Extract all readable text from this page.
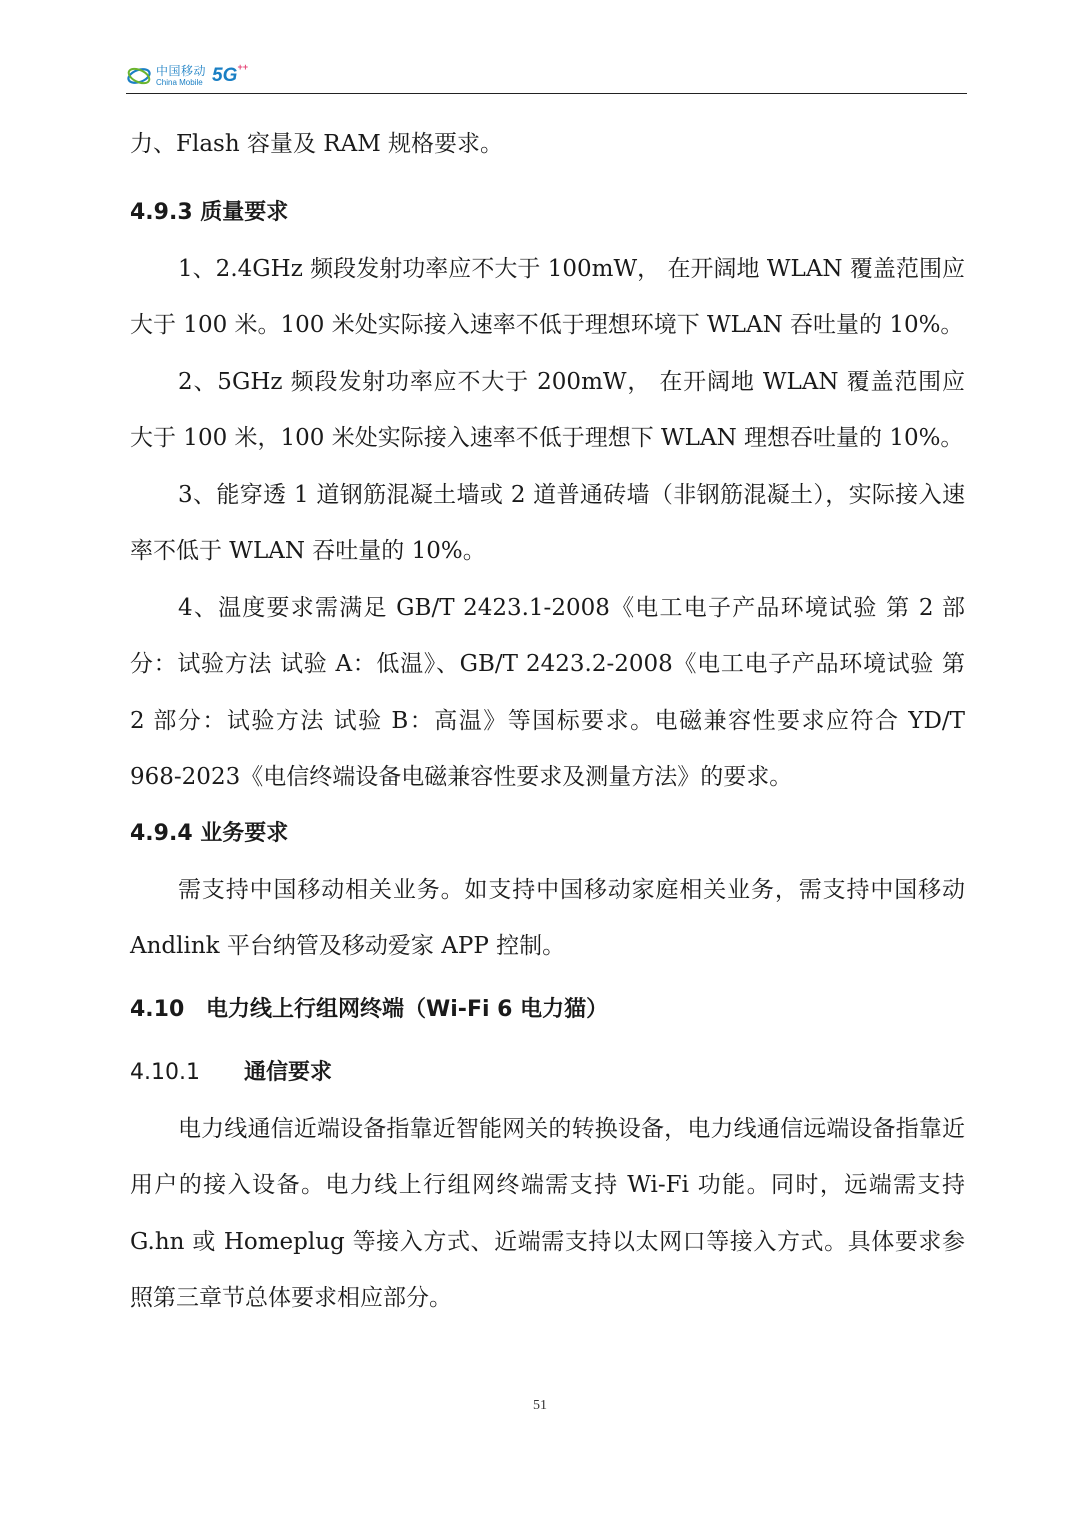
中国移动
China Mobile 5G++

力、Flash 容量及 RAM 规格要求。

4.9.3 质量要求

1、2.4GHz 频段发射功率应不大于 100mW， 在开阔地 WLAN 覆盖范围应大于 100 米。100 米处实际接入速率不低于理想环境下 WLAN 吞吐量的 10%。

2、5GHz 频段发射功率应不大于 200mW， 在开阔地 WLAN 覆盖范围应大于 100 米，100 米处实际接入速率不低于理想下 WLAN 理想吞吐量的 10%。

3、能穿透 1 道钢筋混凝土墙或 2 道普通砖墙（非钢筋混凝土），实际接入速率不低于 WLAN 吞吐量的 10%。

4、温度要求需满足 GB/T 2423.1-2008《电工电子产品环境试验 第 2 部分：试验方法 试验 A：低温》、GB/T 2423.2-2008《电工电子产品环境试验 第 2 部分：试验方法 试验 B：高温》等国标要求。电磁兼容性要求应符合 YD/T 968-2023《电信终端设备电磁兼容性要求及测量方法》的要求。

4.9.4 业务要求

需支持中国移动相关业务。如支持中国移动家庭相关业务，需支持中国移动 Andlink 平台纳管及移动爱家 APP 控制。

4.10 电力线上行组网终端（Wi-Fi 6 电力猫）
4.10.1 通信要求

电力线通信近端设备指靠近智能网关的转换设备，电力线通信远端设备指靠近用户的接入设备。电力线上行组网终端需支持 Wi-Fi 功能。同时，远端需支持 G.hn 或 Homeplug 等接入方式、近端需支持以太网口等接入方式。具体要求参照第三章节总体要求相应部分。

51
